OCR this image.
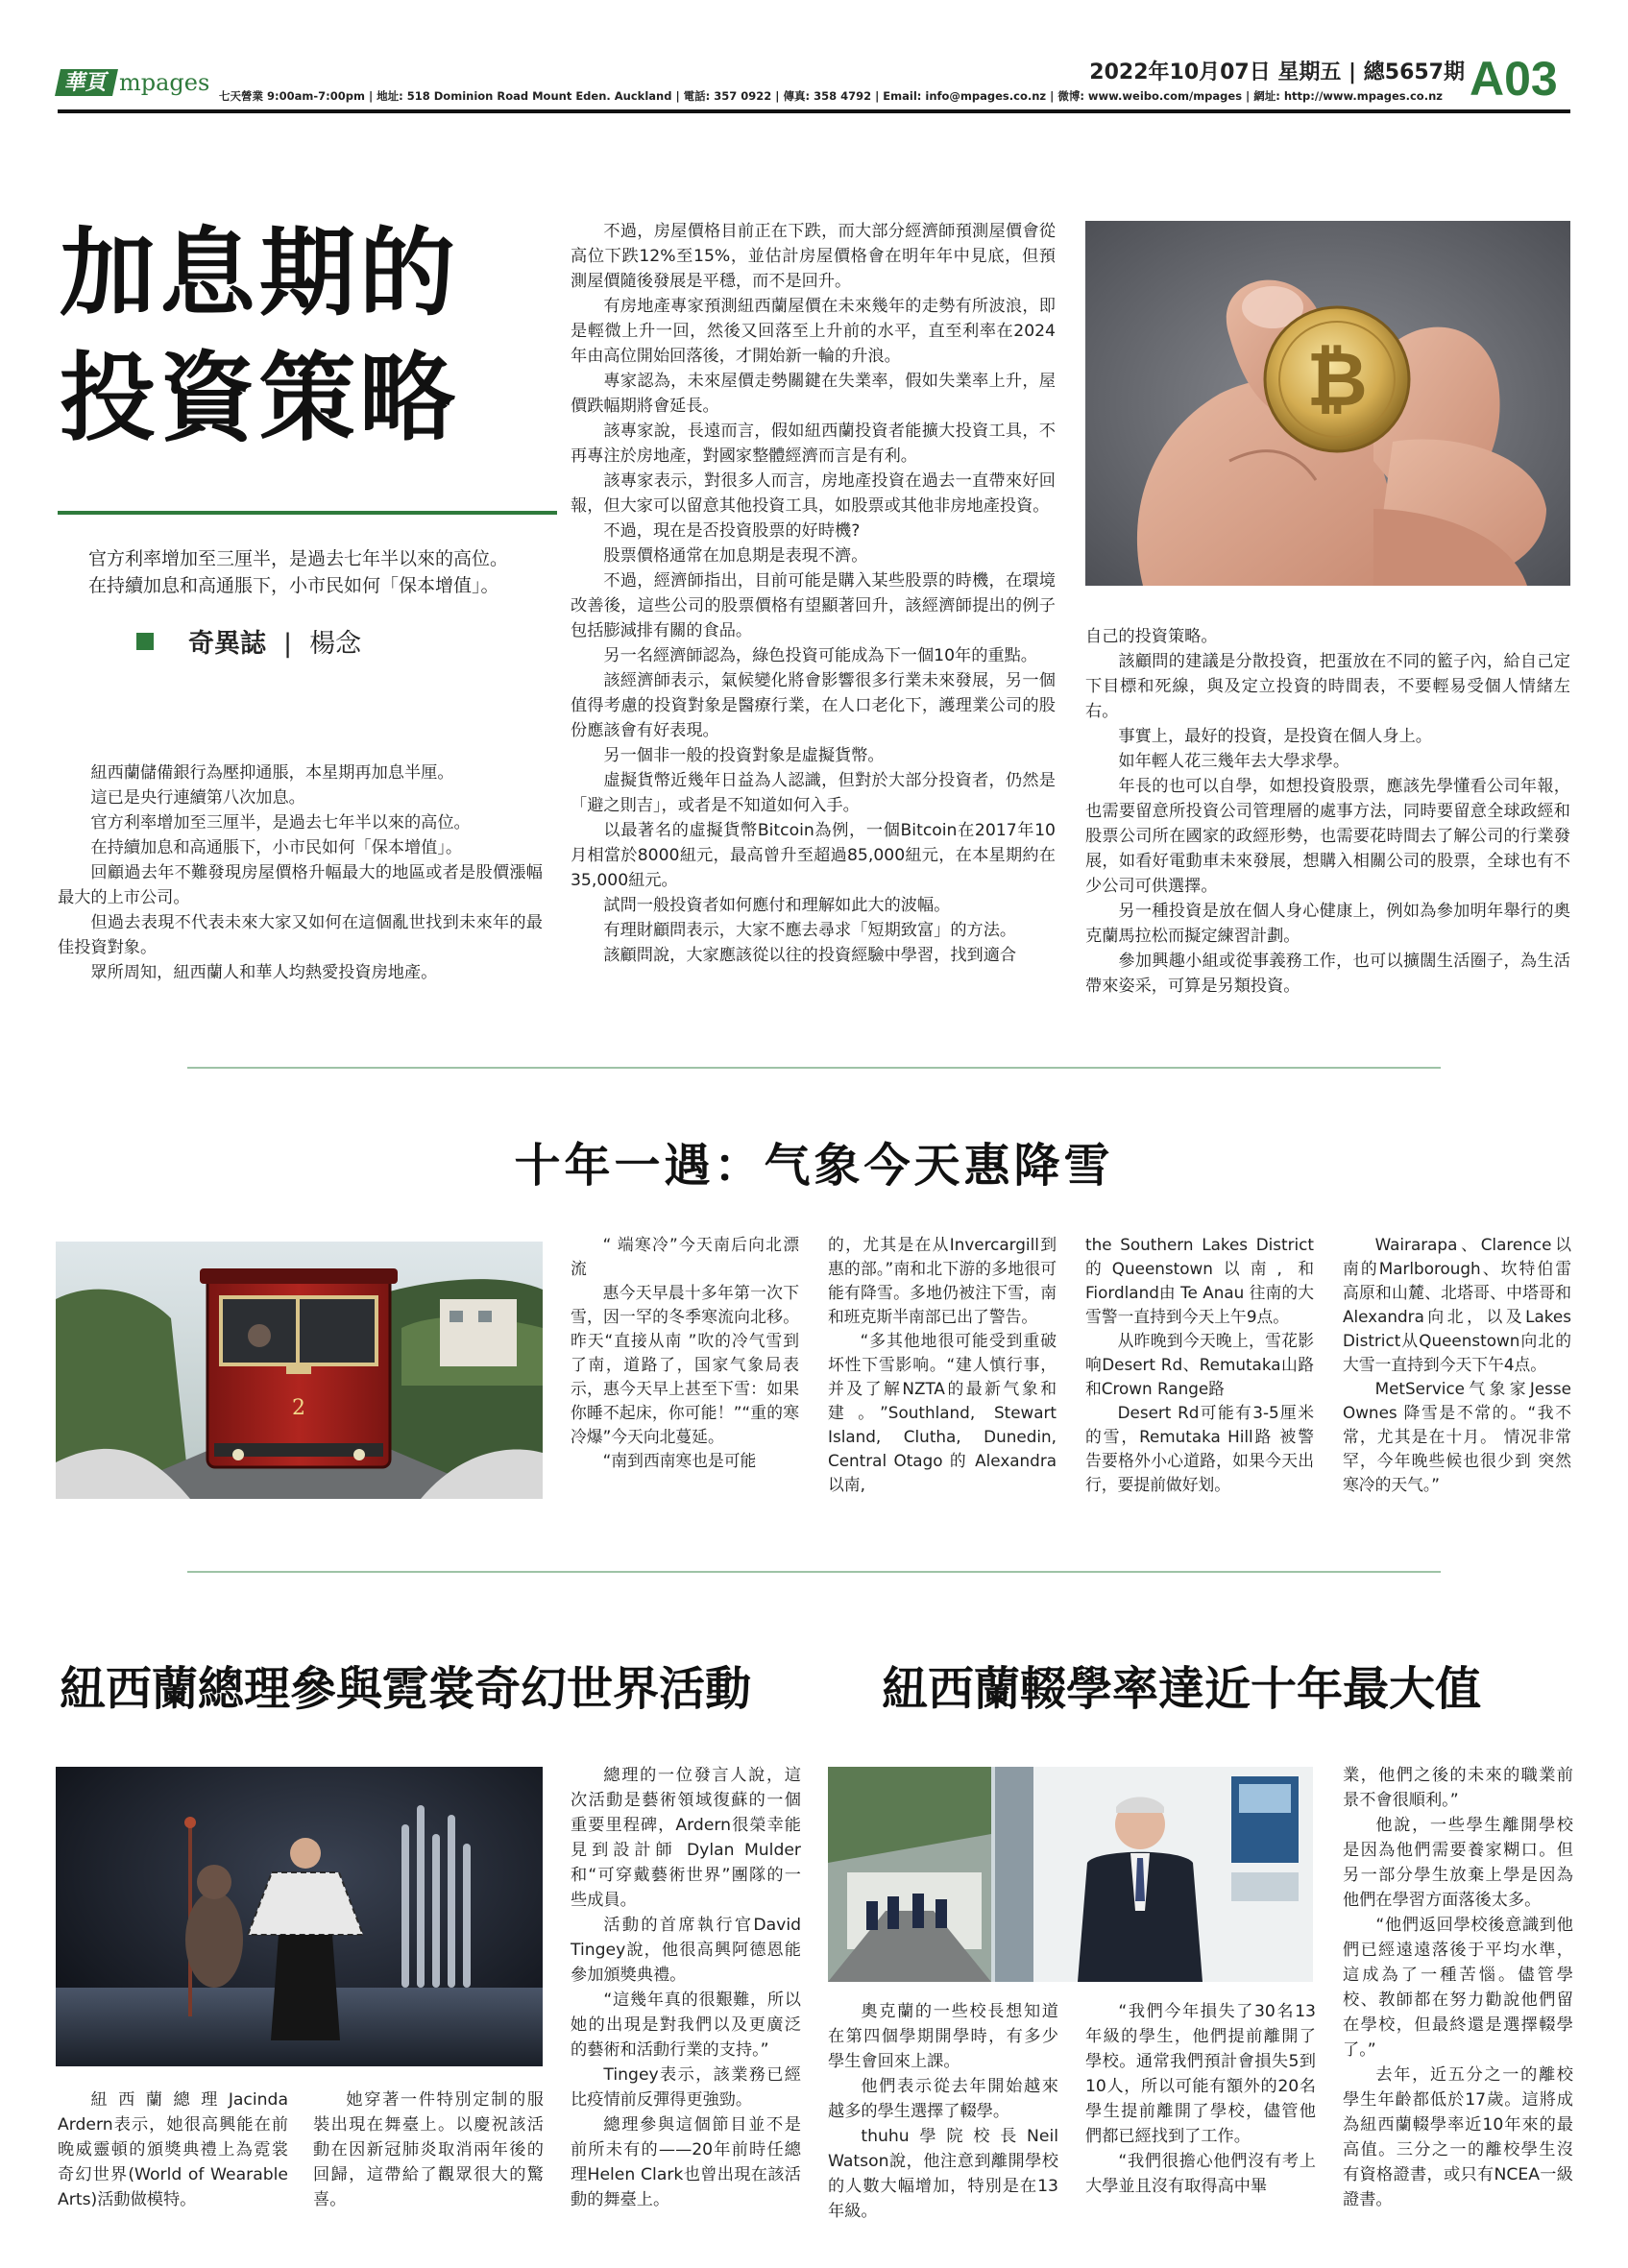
華頁 mpages 七天營業 9:00am-7:00pm | 地址: 518 Dominion Road Mount Eden. Auckland | 電話: 357 0922 | 傳真: 358 4792 | Email: info@mpages.co.nz | 微博: www.weibo.com/mpages | 網址: http://www.mpages.co.nz
2022年10月07日 星期五 | 總5657期 A03
加息期的
投資策略
官方利率增加至三厘半，是過去七年半以來的高位。
在持續加息和高通脹下，小市民如何「保本增值」。
奇異誌 | 楊念

紐西蘭儲備銀行為壓抑通脹，本星期再加息半厘。

這已是央行連續第八次加息。

官方利率增加至三厘半，是過去七年半以來的高位。

在持續加息和高通脹下，小市民如何「保本增值」。

回顧過去年不難發現房屋價格升幅最大的地區或者是股價漲幅最大的上市公司。

但過去表現不代表未來大家又如何在這個亂世找到未來年的最佳投資對象。

眾所周知，紐西蘭人和華人均熱愛投資房地產。

不過，房屋價格目前正在下跌，而大部分經濟師預測屋價會從高位下跌12%至15%，並估計房屋價格會在明年年中見底，但預測屋價隨後發展是平穩，而不是回升。

有房地產專家預測紐西蘭屋價在未來幾年的走勢有所波浪，即是輕微上升一回，然後又回落至上升前的水平，直至利率在2024年由高位開始回落後，才開始新一輪的升浪。

專家認為，未來屋價走勢關鍵在失業率，假如失業率上升，屋價跌幅期將會延長。

該專家說，長遠而言，假如紐西蘭投資者能擴大投資工具，不再專注於房地產，對國家整體經濟而言是有利。

該專家表示，對很多人而言，房地產投資在過去一直帶來好回報，但大家可以留意其他投資工具，如股票或其他非房地產投資。

不過，現在是否投資股票的好時機?

股票價格通常在加息期是表現不濟。

不過，經濟師指出，目前可能是購入某些股票的時機，在環境改善後，這些公司的股票價格有望顯著回升，該經濟師提出的例子包括膨減排有關的食品。

另一名經濟師認為，綠色投資可能成為下一個10年的重點。

該經濟師表示，氣候變化將會影響很多行業未來發展，另一個值得考慮的投資對象是醫療行業，在人口老化下，護理業公司的股份應該會有好表現。

另一個非一般的投資對象是虛擬貨幣。

虛擬貨幣近幾年日益為人認識，但對於大部分投資者，仍然是「避之則吉」，或者是不知道如何入手。

以最著名的虛擬貨幣Bitcoin為例，一個Bitcoin在2017年10月相當於8000紐元，最高曾升至超過85,000紐元，在本星期約在35,000紐元。

試問一般投資者如何應付和理解如此大的波幅。

有理財顧問表示，大家不應去尋求「短期致富」的方法。

該顧問說，大家應該從以往的投資經驗中學習，找到適合

₿

自己的投資策略。

該顧問的建議是分散投資，把蛋放在不同的籃子內，給自己定下目標和死線，與及定立投資的時間表，不要輕易受個人情緒左右。

事實上，最好的投資，是投資在個人身上。

如年輕人花三幾年去大學求學。

年長的也可以自學，如想投資股票，應該先學懂看公司年報，也需要留意所投資公司管理層的處事方法，同時要留意全球政經和股票公司所在國家的政經形勢，也需要花時間去了解公司的行業發展，如看好電動車未來發展，想購入相關公司的股票，全球也有不少公司可供選擇。

另一種投資是放在個人身心健康上，例如為參加明年舉行的奧克蘭馬拉松而擬定練習計劃。

參加興趣小組或從事義務工作，也可以擴闊生活圈子，為生活帶來姿采，可算是另類投資。

十年一遇：气象今天惠降雪
2

“ 端寒冷”今天南后向北漂流

惠今天早晨十多年第一次下雪，因一罕的冬季寒流向北移。昨天“直接从南 ”吹的冷气雪到了南，道路了，国家气象局表示，惠今天早上甚至下雪：如果你睡不起床，你可能！”“重的寒冷爆”今天向北蔓延。

“南到西南寒也是可能

的，尤其是在从Invercargill到惠的部。”南和北下游的多地很可能有降雪。多地仍被注下雪，南和班克斯半南部已出了警告。

“多其他地很可能受到重破坏性下雪影响。“建人慎行事，并及了解NZTA的最新气象和建。”Southland, Stewart Island, Clutha, Dunedin, Central Otago 的 Alexandra以南,

the Southern Lakes District 的Queenstown以南, 和 Fiordland由 Te Anau 往南的大雪警一直持到今天上午9点。

从昨晚到今天晚上，雪花影响Desert Rd、Remutaka山路和Crown Range路

Desert Rd可能有3-5厘米的雪，Remutaka Hill路 被警告要格外小心道路，如果今天出行，要提前做好划。

Wairarapa、Clarence以南的Marlborough、坎特伯雷高原和山麓、北塔哥、中塔哥和Alexandra向北，以及Lakes District从Queenstown向北的大雪一直持到今天下午4点。

MetService气象家Jesse Ownes 降雪是不常的。“我不常，尤其是在十月。 情况非常罕，今年晚些候也很少到 突然寒冷的天气。”

紐西蘭總理參與霓裳奇幻世界活動

紐西蘭總理Jacinda Ardern表示，她很高興能在前晚威靈頓的頒獎典禮上為霓裳奇幻世界(World of Wearable Arts)活動做模特。

她穿著一件特別定制的服裝出現在舞臺上。以慶祝該活動在因新冠肺炎取消兩年後的回歸，這帶給了觀眾很大的驚喜。

總理的一位發言人說，這次活動是藝術領域復蘇的一個重要里程碑，Ardern很榮幸能見到設計師 Dylan Mulder 和“可穿戴藝術世界”團隊的一些成員。

活動的首席執行官David Tingey說，他很高興阿德恩能參加頒獎典禮。

“這幾年真的很艱難，所以她的出現是對我們以及更廣泛的藝術和活動行業的支持。”

Tingey表示，該業務已經比疫情前反彈得更強勁。

總理參與這個節目並不是前所未有的——20年前時任總理Helen Clark也曾出現在該活動的舞臺上。

紐西蘭輟學率達近十年最大值

奧克蘭的一些校長想知道在第四個學期開學時，有多少學生會回來上課。

他們表示從去年開始越來越多的學生選擇了輟學。

thuhu學院校長Neil Watson說，他注意到離開學校的人數大幅增加，特別是在13年級。

“我們今年損失了30名13年級的學生，他們提前離開了學校。通常我們預計會損失5到10人，所以可能有額外的20名學生提前離開了學校，儘管他們都已經找到了工作。

“我們很擔心他們沒有考上大學並且沒有取得高中畢

業，他們之後的未來的職業前景不會很順利。”

他說，一些學生離開學校是因為他們需要養家糊口。但另一部分學生放棄上學是因為他們在學習方面落後太多。

“他們返回學校後意識到他們已經遠遠落後于平均水準，這成為了一種苦惱。儘管學校、教師都在努力勸說他們留在學校，但最終還是選擇輟學了。”

去年，近五分之一的離校學生年齡都低於17歲。這將成為紐西蘭輟學率近10年來的最高值。三分之一的離校學生沒有資格證書，或只有NCEA一級證書。
